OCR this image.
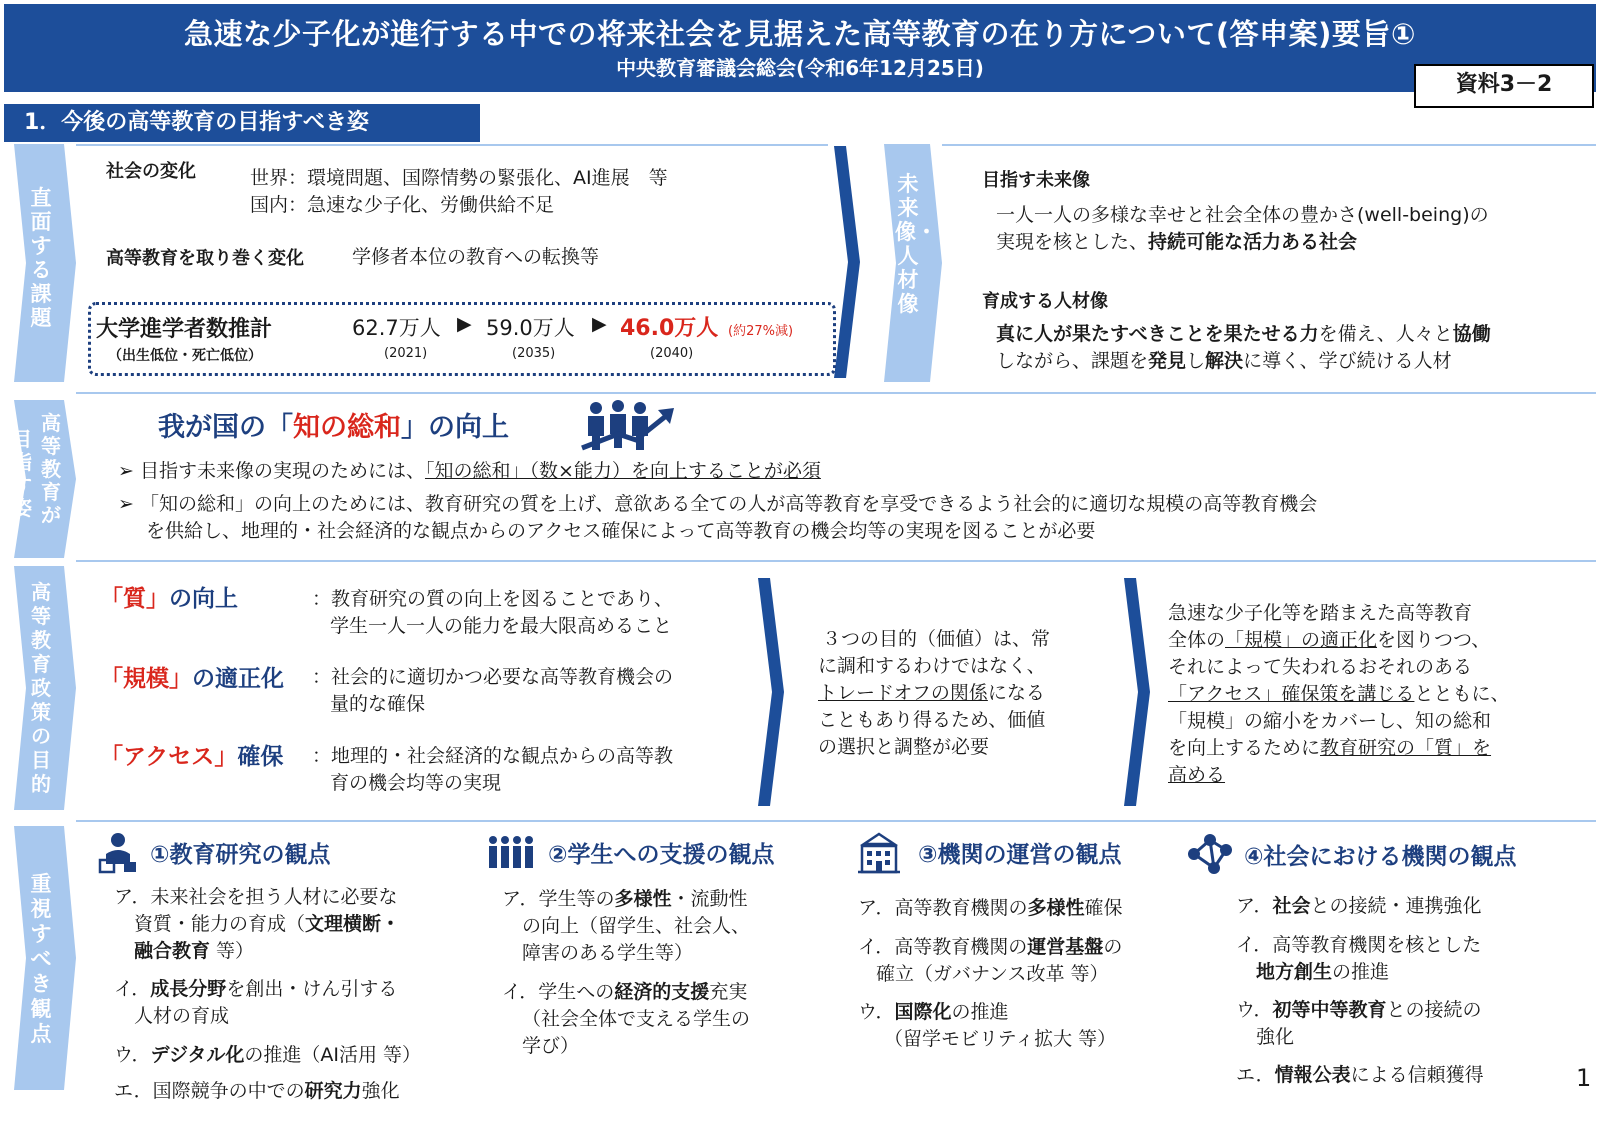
急速な少子化が進行する中での将来社会を見据えた高等教育の在り方について(答申案)要旨①
中央教育審議会総会(令和6年12月25日)
資料3－2
1．今後の高等教育の目指すべき姿
直面する課題
未来像・人材像
社会の変化	世界：環境問題、国際情勢の緊張化、AI進展　等
国内：急速な少子化、労働供給不足
高等教育を取り巻く変化	学修者本位の教育への転換等
大学進学者数推計
（出生低位・死亡低位）
62.7万人 ▶ 59.0万人 ▶ 46.0万人 (約27%減)
(2021)	(2035)	(2040)
目指す未来像
一人一人の多様な幸せと社会全体の豊かさ(well-being)の
実現を核とした、持続可能な活力ある社会
育成する人材像
真に人が果たすべきことを果たせる力を備え、人々と協働
しながら、課題を発見し解決に導く、学び続ける人材
高等教育が
目指す姿
我が国の「知の総和」の向上
➢ 目指す未来像の実現のためには、「知の総和」（数×能力）を向上することが必須
➢ 「知の総和」の向上のためには、教育研究の質を上げ、意欲ある全ての人が高等教育を享受できるよう社会的に適切な規模の高等教育機会
を供給し、地理的・社会経済的な観点からのアクセス確保によって高等教育の機会均等の実現を図ることが必要
高等教育政策の目的
「質」の向上	：教育研究の質の向上を図ることであり、
学生一人一人の能力を最大限高めること
「規模」の適正化 ：社会的に適切かつ必要な高等教育機会の
量的な確保
「アクセス」確保 ：地理的・社会経済的な観点からの高等教
育の機会均等の実現
３つの目的（価値）は、常
に調和するわけではなく、
トレードオフの関係になる
こともあり得るため、価値
の選択と調整が必要
急速な少子化等を踏まえた高等教育
全体の「規模」の適正化を図りつつ、
それによって失われるおそれのある
「アクセス」確保策を講じるとともに、
「規模」の縮小をカバーし、知の総和
を向上するために教育研究の「質」を
高める
重視すべき観点
①教育研究の観点
ア．未来社会を担う人材に必要な
資質・能力の育成（文理横断・
融合教育 等）
イ．成長分野を創出・けん引する
人材の育成
ウ．デジタル化の推進（AI活用 等）
エ．国際競争の中での研究力強化
②学生への支援の観点
ア．学生等の多様性・流動性
の向上（留学生、社会人、
障害のある学生等）
イ．学生への経済的支援充実
（社会全体で支える学生の
学び）
③機関の運営の観点
ア．高等教育機関の多様性確保
イ．高等教育機関の運営基盤の
確立（ガバナンス改革 等）
ウ．国際化の推進
（留学モビリティ拡大 等）
④社会における機関の観点
ア．社会との接続・連携強化
イ．高等教育機関を核とした
地方創生の推進
ウ．初等中等教育との接続の
強化
エ．情報公表による信頼獲得	1
